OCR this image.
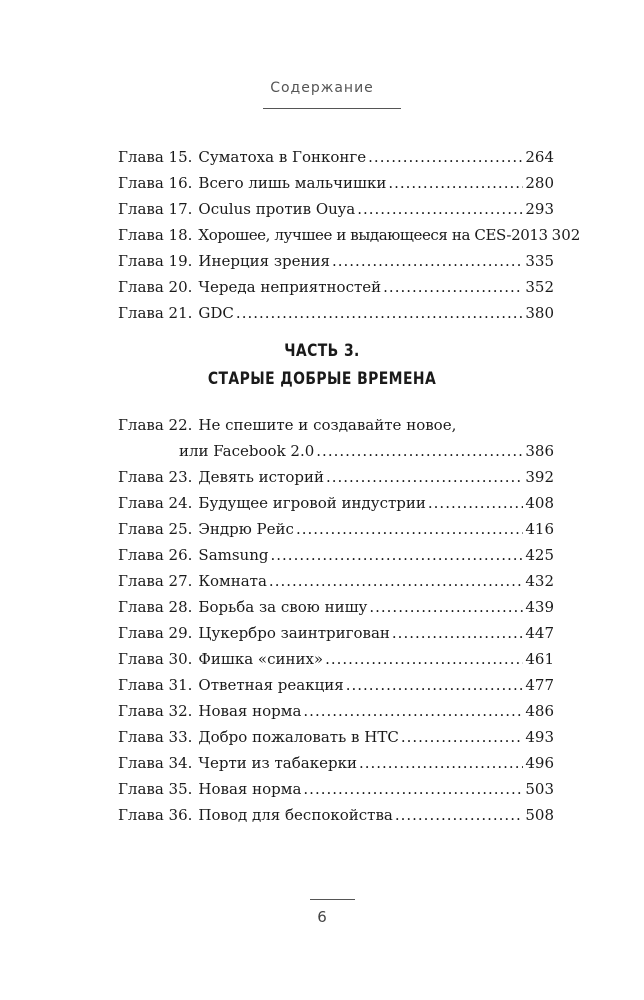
Содержание
Глава 15. Суматоха в Гонконге .....	264
Глава 16. Всего лишь мальчишки .....	280
Глава 17. Oculus против Ouya .....	293
Глава 18. Хорошее, лучшее и выдающееся на CES-2013 302
Глава 19. Инерция зрения .....	335
Глава 20. Череда неприятностей .....	352
Глава 21. GDC .....	380
ЧАСТЬ 3.
СТАРЫЕ ДОБРЫЕ ВРЕМЕНА
Глава 22. Не спешите и создавайте новое,
или Facebook 2.0 .....	386
Глава 23. Девять историй .....	392
Глава 24. Будущее игровой индустрии .....	408
Глава 25. Эндрю Рейс .....	416
Глава 26. Samsung .....	425
Глава 27. Комната .....	432
Глава 28. Борьба за свою нишу .....	439
Глава 29. Цукербро заинтригован .....	447
Глава 30. Фишка «синих» .....	461
Глава 31. Ответная реакция .....	477
Глава 32. Новая норма .....	486
Глава 33. Добро пожаловать в HTC .....	493
Глава 34. Черти из табакерки .....	496
Глава 35. Новая норма .....	503
Глава 36. Повод для беспокойства .....	508
6
